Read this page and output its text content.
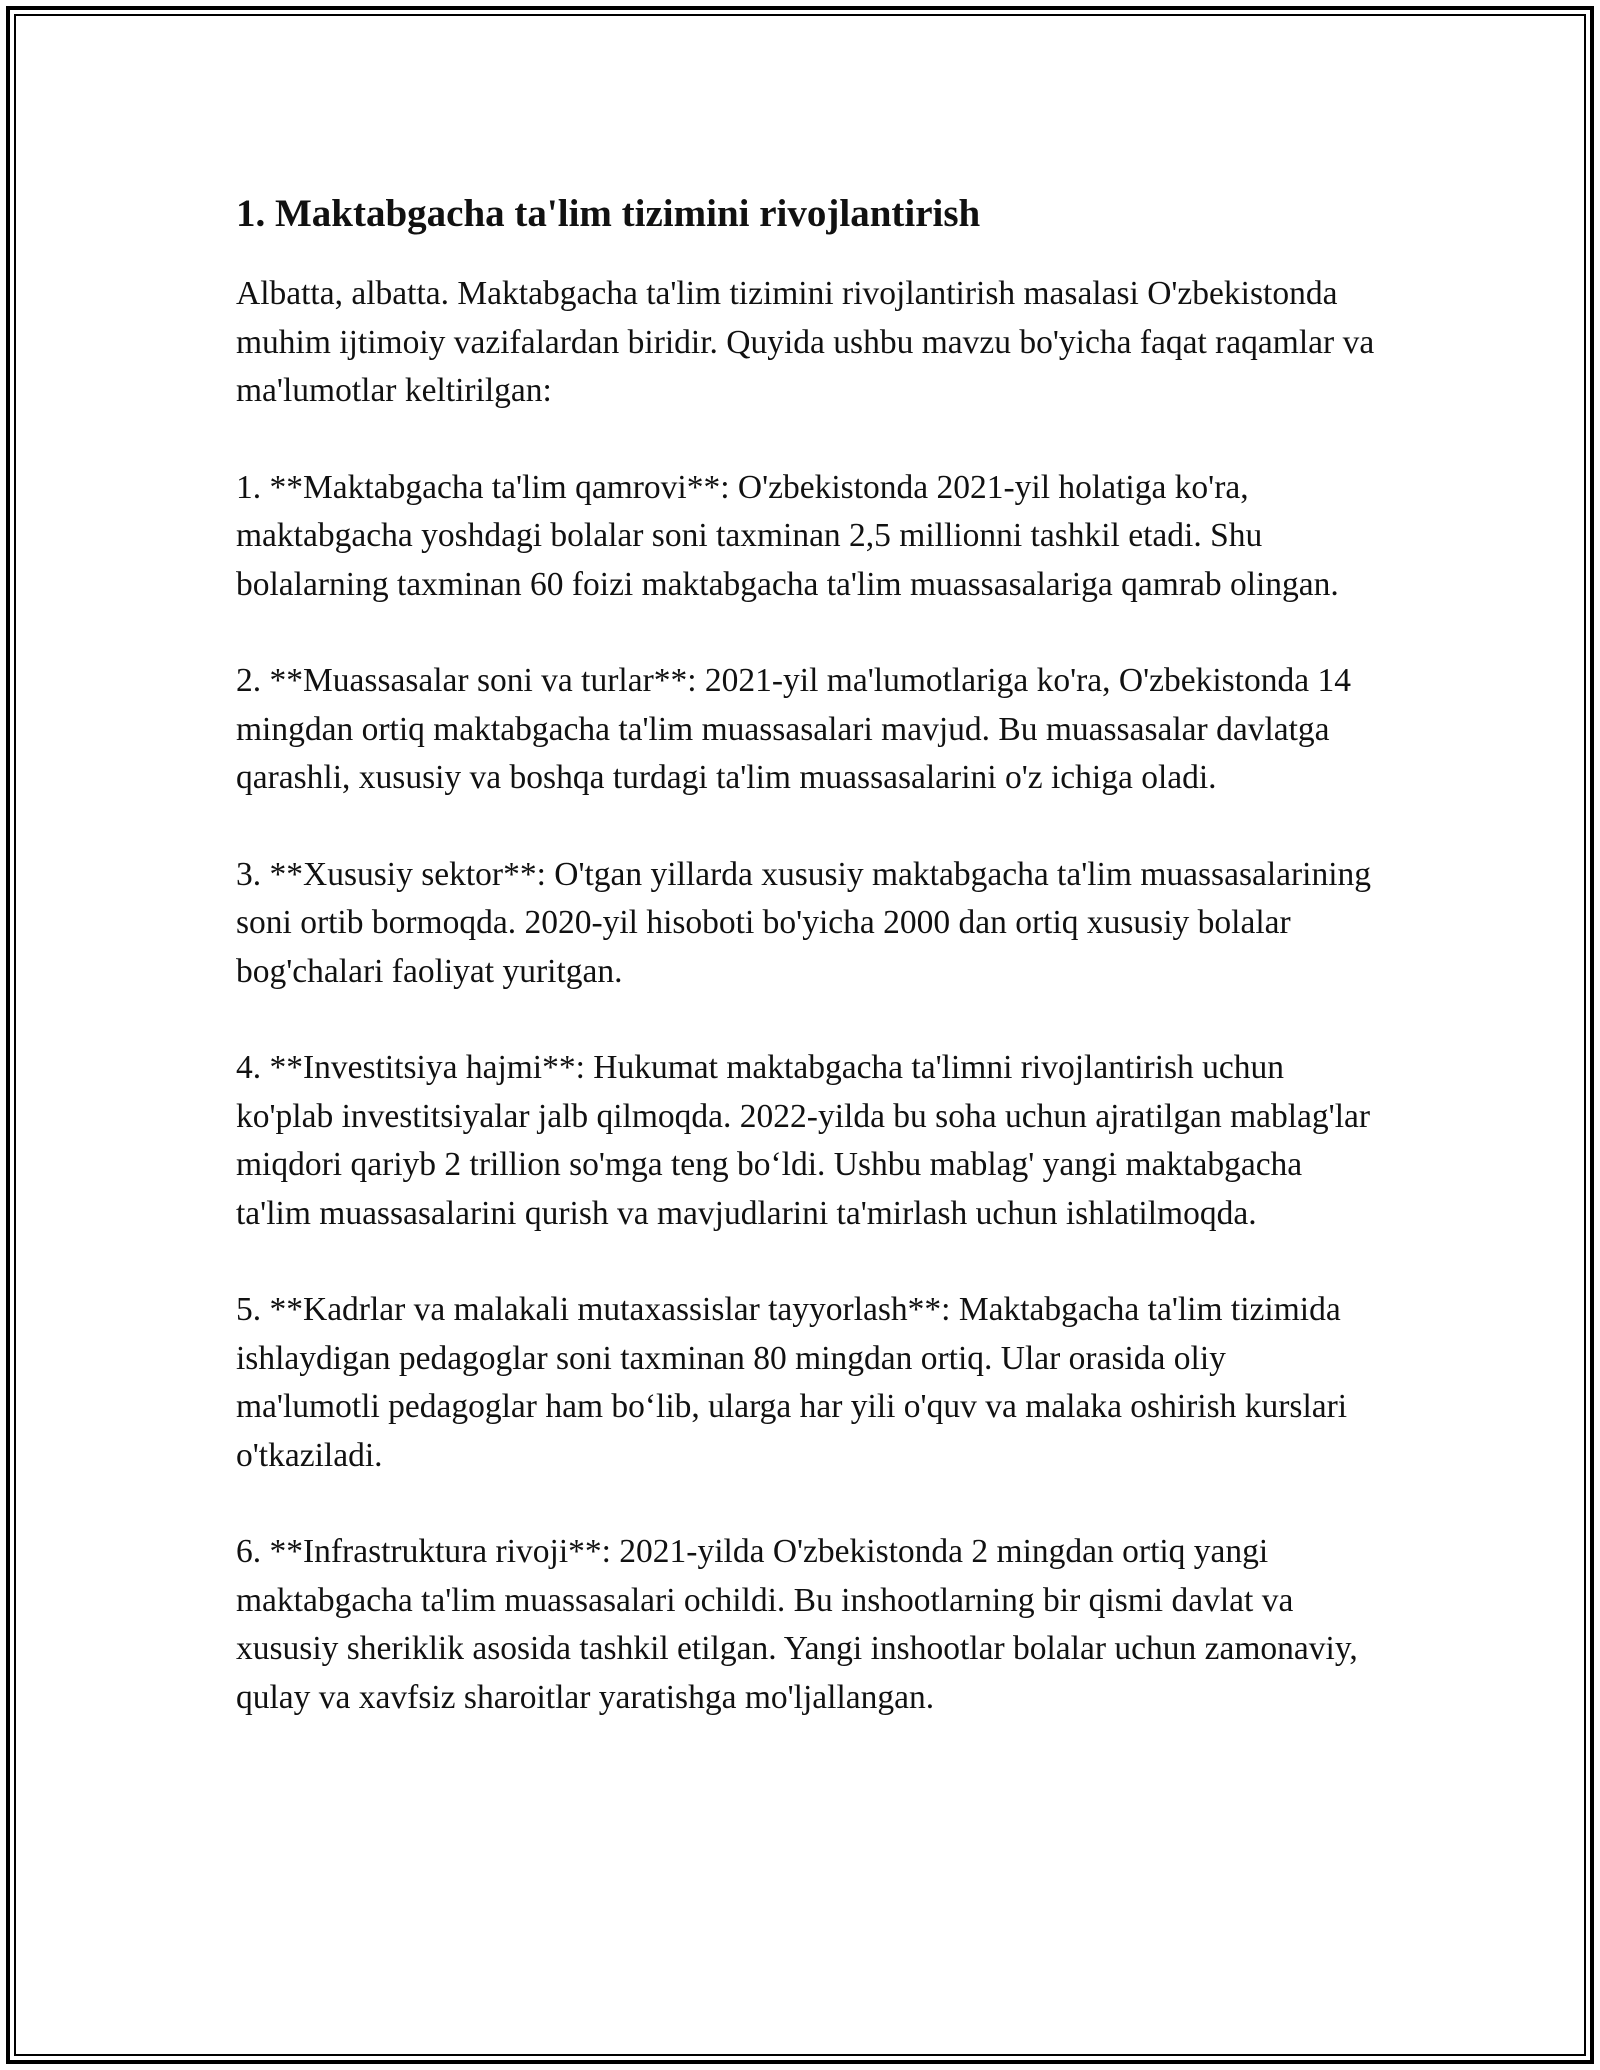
1. Maktabgacha ta'lim tizimini rivojlantirish

Albatta, albatta. Maktabgacha ta'lim tizimini rivojlantirish masalasi O'zbekistonda muhim ijtimoiy vazifalardan biridir. Quyida ushbu mavzu bo'yicha faqat raqamlar va ma'lumotlar keltirilgan:

1. **Maktabgacha ta'lim qamrovi**: O'zbekistonda 2021-yil holatiga ko'ra, maktabgacha yoshdagi bolalar soni taxminan 2,5 millionni tashkil etadi. Shu bolalarning taxminan 60 foizi maktabgacha ta'lim muassasalariga qamrab olingan.

2. **Muassasalar soni va turlar**: 2021-yil ma'lumotlariga ko'ra, O'zbekistonda 14 mingdan ortiq maktabgacha ta'lim muassasalari mavjud. Bu muassasalar davlatga qarashli, xususiy va boshqa turdagi ta'lim muassasalarini o'z ichiga oladi.

3. **Xususiy sektor**: O'tgan yillarda xususiy maktabgacha ta'lim muassasalarining soni ortib bormoqda. 2020-yil hisoboti bo'yicha 2000 dan ortiq xususiy bolalar bog'chalari faoliyat yuritgan.

4. **Investitsiya hajmi**: Hukumat maktabgacha ta'limni rivojlantirish uchun ko'plab investitsiyalar jalb qilmoqda. 2022-yilda bu soha uchun ajratilgan mablag'lar miqdori qariyb 2 trillion so'mga teng bo‘ldi. Ushbu mablag' yangi maktabgacha ta'lim muassasalarini qurish va mavjudlarini ta'mirlash uchun ishlatilmoqda.

5. **Kadrlar va malakali mutaxassislar tayyorlash**: Maktabgacha ta'lim tizimida ishlaydigan pedagoglar soni taxminan 80 mingdan ortiq. Ular orasida oliy ma'lumotli pedagoglar ham bo‘lib, ularga har yili o'quv va malaka oshirish kurslari o'tkaziladi.

6. **Infrastruktura rivoji**: 2021-yilda O'zbekistonda 2 mingdan ortiq yangi maktabgacha ta'lim muassasalari ochildi. Bu inshootlarning bir qismi davlat va xususiy sheriklik asosida tashkil etilgan. Yangi inshootlar bolalar uchun zamonaviy, qulay va xavfsiz sharoitlar yaratishga mo'ljallangan.
